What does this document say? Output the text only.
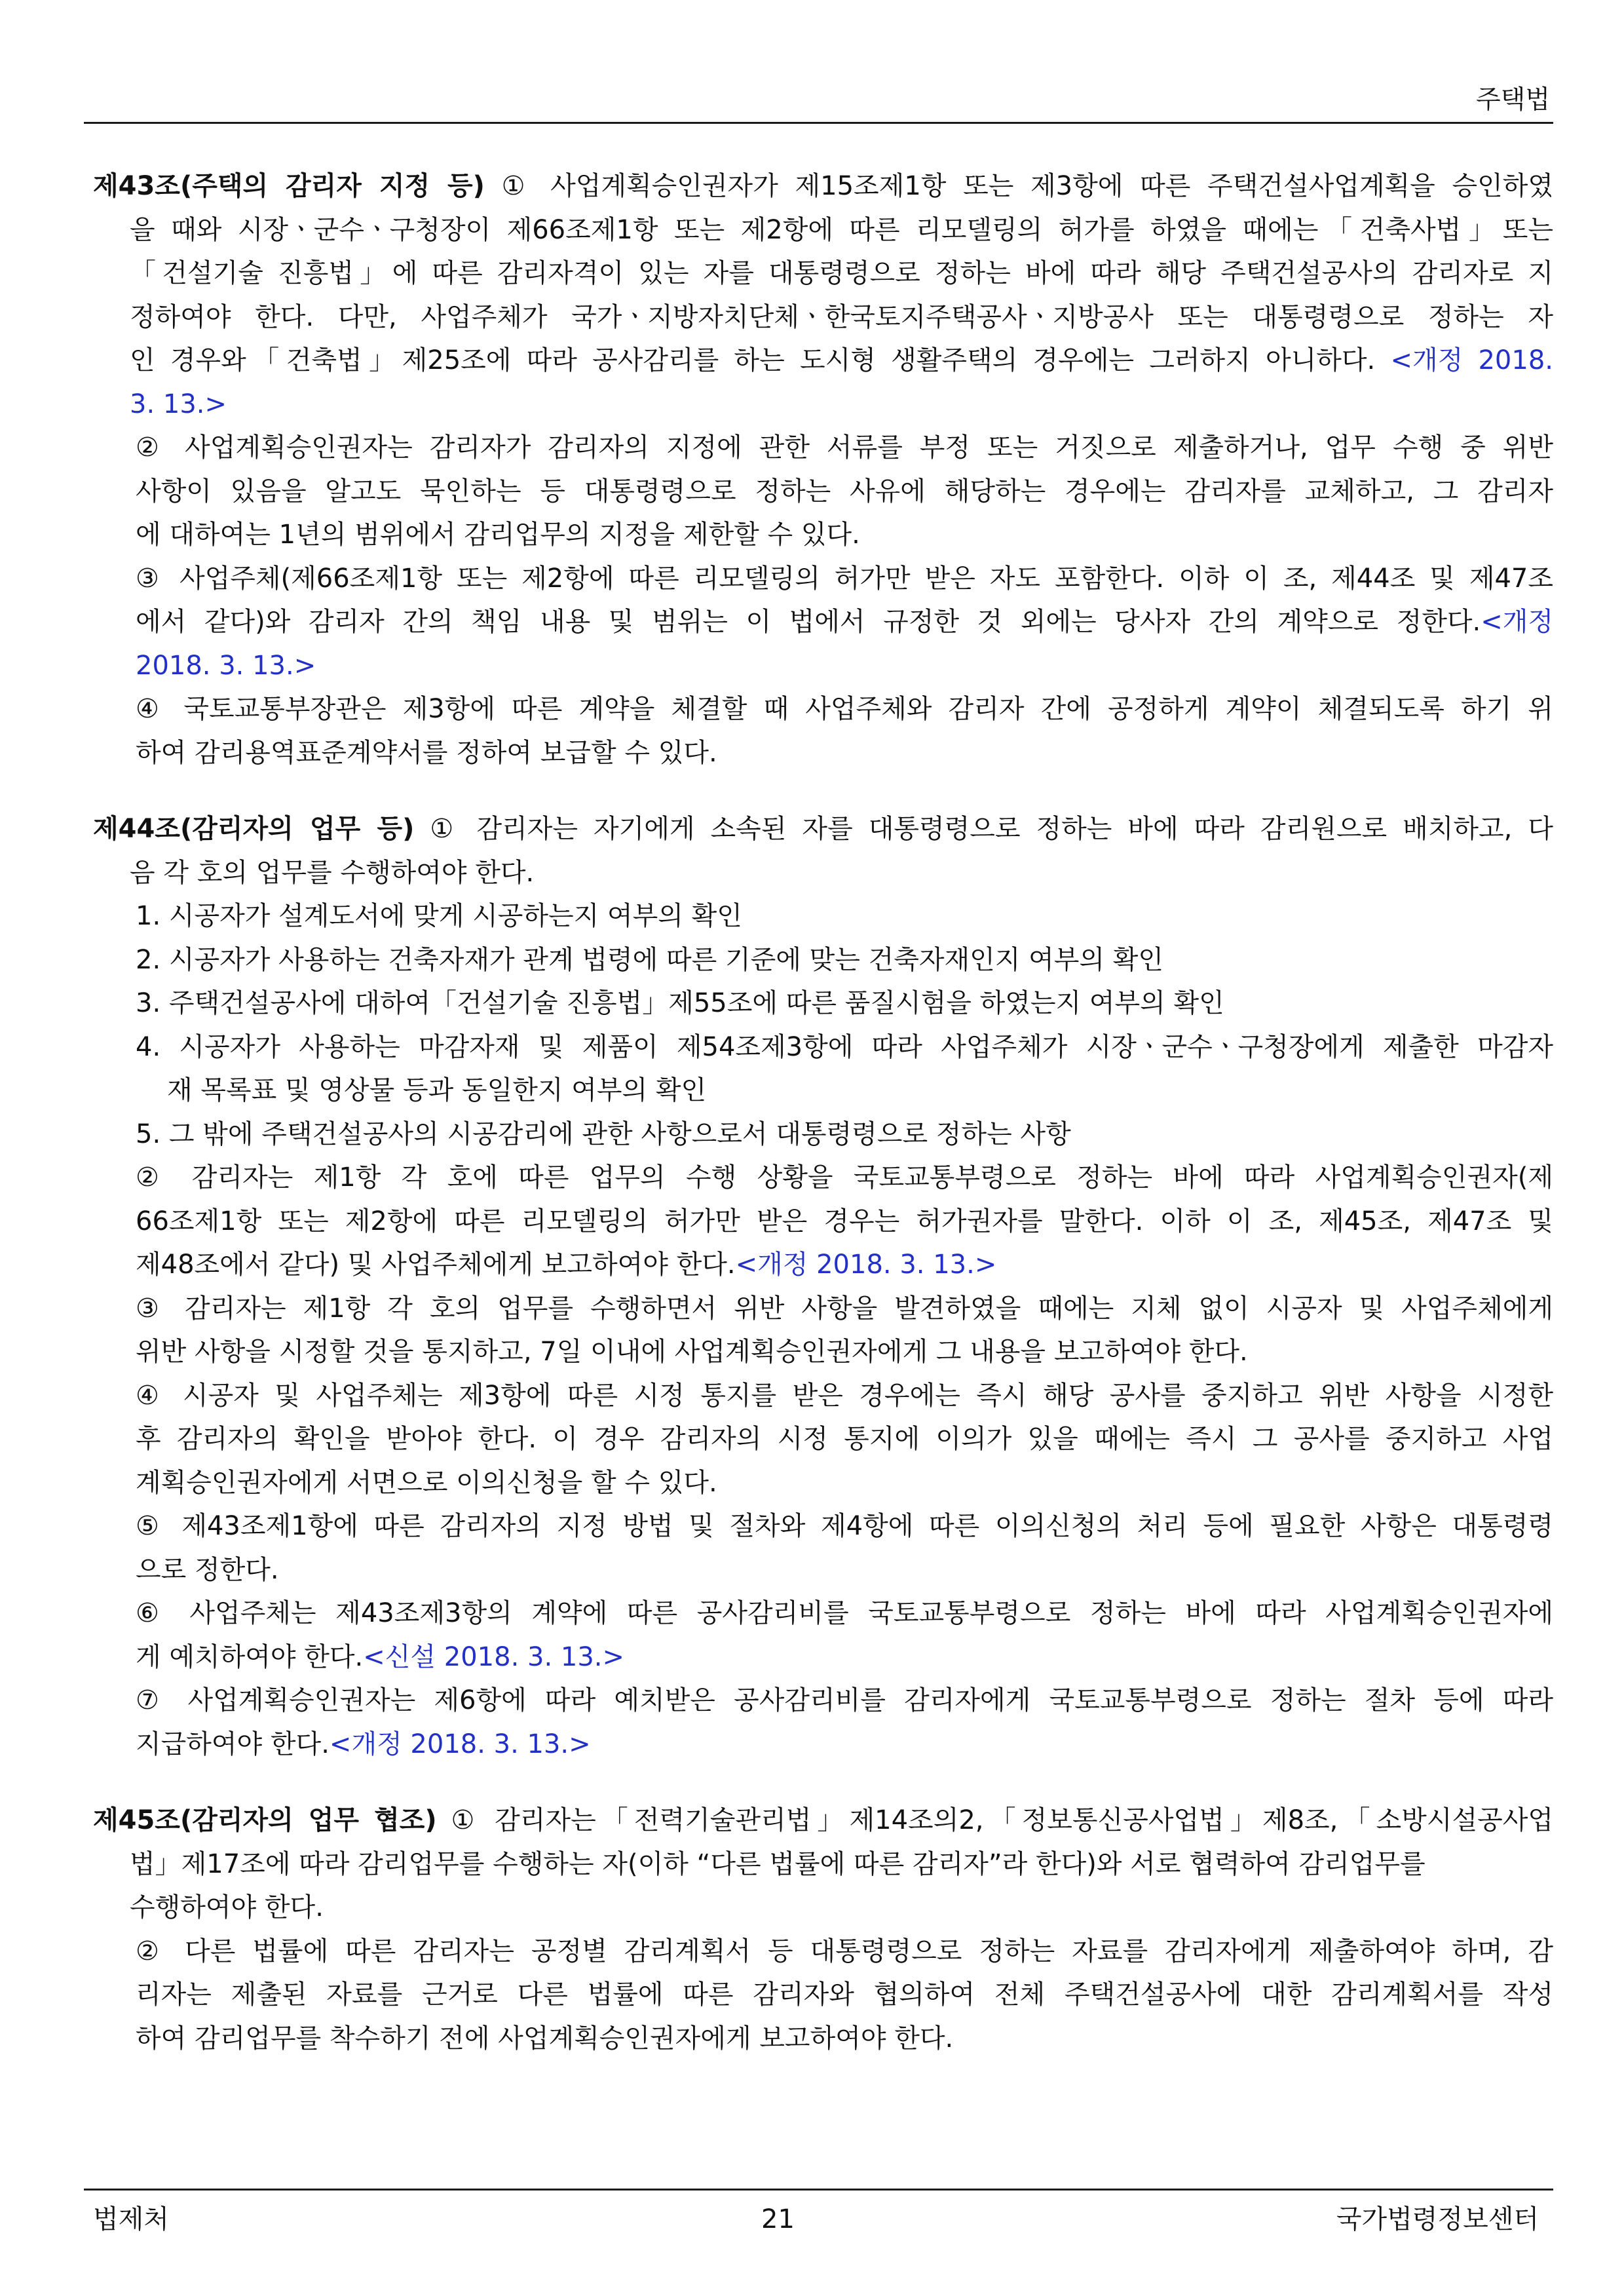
주택법
제43조(주택의 감리자 지정 등) ① 사업계획승인권자가 제15조제1항 또는 제3항에 따른 주택건설사업계획을 승인하였
을 때와 시장ㆍ군수ㆍ구청장이 제66조제1항 또는 제2항에 따른 리모델링의 허가를 하였을 때에는「건축사법」또는
「건설기술 진흥법」에 따른 감리자격이 있는 자를 대통령령으로 정하는 바에 따라 해당 주택건설공사의 감리자로 지
정하여야 한다. 다만, 사업주체가 국가ㆍ지방자치단체ㆍ한국토지주택공사ㆍ지방공사 또는 대통령령으로 정하는 자
인 경우와「건축법」제25조에 따라 공사감리를 하는 도시형 생활주택의 경우에는 그러하지 아니하다. <개정 2018.
3. 13.>
② 사업계획승인권자는 감리자가 감리자의 지정에 관한 서류를 부정 또는 거짓으로 제출하거나, 업무 수행 중 위반
사항이 있음을 알고도 묵인하는 등 대통령령으로 정하는 사유에 해당하는 경우에는 감리자를 교체하고, 그 감리자
에 대하여는 1년의 범위에서 감리업무의 지정을 제한할 수 있다.
③ 사업주체(제66조제1항 또는 제2항에 따른 리모델링의 허가만 받은 자도 포함한다. 이하 이 조, 제44조 및 제47조
에서 같다)와 감리자 간의 책임 내용 및 범위는 이 법에서 규정한 것 외에는 당사자 간의 계약으로 정한다.<개정
2018. 3. 13.>
④ 국토교통부장관은 제3항에 따른 계약을 체결할 때 사업주체와 감리자 간에 공정하게 계약이 체결되도록 하기 위
하여 감리용역표준계약서를 정하여 보급할 수 있다.
제44조(감리자의 업무 등) ① 감리자는 자기에게 소속된 자를 대통령령으로 정하는 바에 따라 감리원으로 배치하고, 다
음 각 호의 업무를 수행하여야 한다.
1. 시공자가 설계도서에 맞게 시공하는지 여부의 확인
2. 시공자가 사용하는 건축자재가 관계 법령에 따른 기준에 맞는 건축자재인지 여부의 확인
3. 주택건설공사에 대하여「건설기술 진흥법」제55조에 따른 품질시험을 하였는지 여부의 확인
4. 시공자가 사용하는 마감자재 및 제품이 제54조제3항에 따라 사업주체가 시장ㆍ군수ㆍ구청장에게 제출한 마감자
재 목록표 및 영상물 등과 동일한지 여부의 확인
5. 그 밖에 주택건설공사의 시공감리에 관한 사항으로서 대통령령으로 정하는 사항
② 감리자는 제1항 각 호에 따른 업무의 수행 상황을 국토교통부령으로 정하는 바에 따라 사업계획승인권자(제
66조제1항 또는 제2항에 따른 리모델링의 허가만 받은 경우는 허가권자를 말한다. 이하 이 조, 제45조, 제47조 및
제48조에서 같다) 및 사업주체에게 보고하여야 한다.<개정 2018. 3. 13.>
③ 감리자는 제1항 각 호의 업무를 수행하면서 위반 사항을 발견하였을 때에는 지체 없이 시공자 및 사업주체에게
위반 사항을 시정할 것을 통지하고, 7일 이내에 사업계획승인권자에게 그 내용을 보고하여야 한다.
④ 시공자 및 사업주체는 제3항에 따른 시정 통지를 받은 경우에는 즉시 해당 공사를 중지하고 위반 사항을 시정한
후 감리자의 확인을 받아야 한다. 이 경우 감리자의 시정 통지에 이의가 있을 때에는 즉시 그 공사를 중지하고 사업
계획승인권자에게 서면으로 이의신청을 할 수 있다.
⑤ 제43조제1항에 따른 감리자의 지정 방법 및 절차와 제4항에 따른 이의신청의 처리 등에 필요한 사항은 대통령령
으로 정한다.
⑥ 사업주체는 제43조제3항의 계약에 따른 공사감리비를 국토교통부령으로 정하는 바에 따라 사업계획승인권자에
게 예치하여야 한다.<신설 2018. 3. 13.>
⑦ 사업계획승인권자는 제6항에 따라 예치받은 공사감리비를 감리자에게 국토교통부령으로 정하는 절차 등에 따라
지급하여야 한다.<개정 2018. 3. 13.>
제45조(감리자의 업무 협조) ① 감리자는「전력기술관리법」제14조의2,「정보통신공사업법」제8조,「소방시설공사업
법」제17조에 따라 감리업무를 수행하는 자(이하 “다른 법률에 따른 감리자”라 한다)와 서로 협력하여 감리업무를
수행하여야 한다.
② 다른 법률에 따른 감리자는 공정별 감리계획서 등 대통령령으로 정하는 자료를 감리자에게 제출하여야 하며, 감
리자는 제출된 자료를 근거로 다른 법률에 따른 감리자와 협의하여 전체 주택건설공사에 대한 감리계획서를 작성
하여 감리업무를 착수하기 전에 사업계획승인권자에게 보고하여야 한다.
법제처	21	국가법령정보센터
